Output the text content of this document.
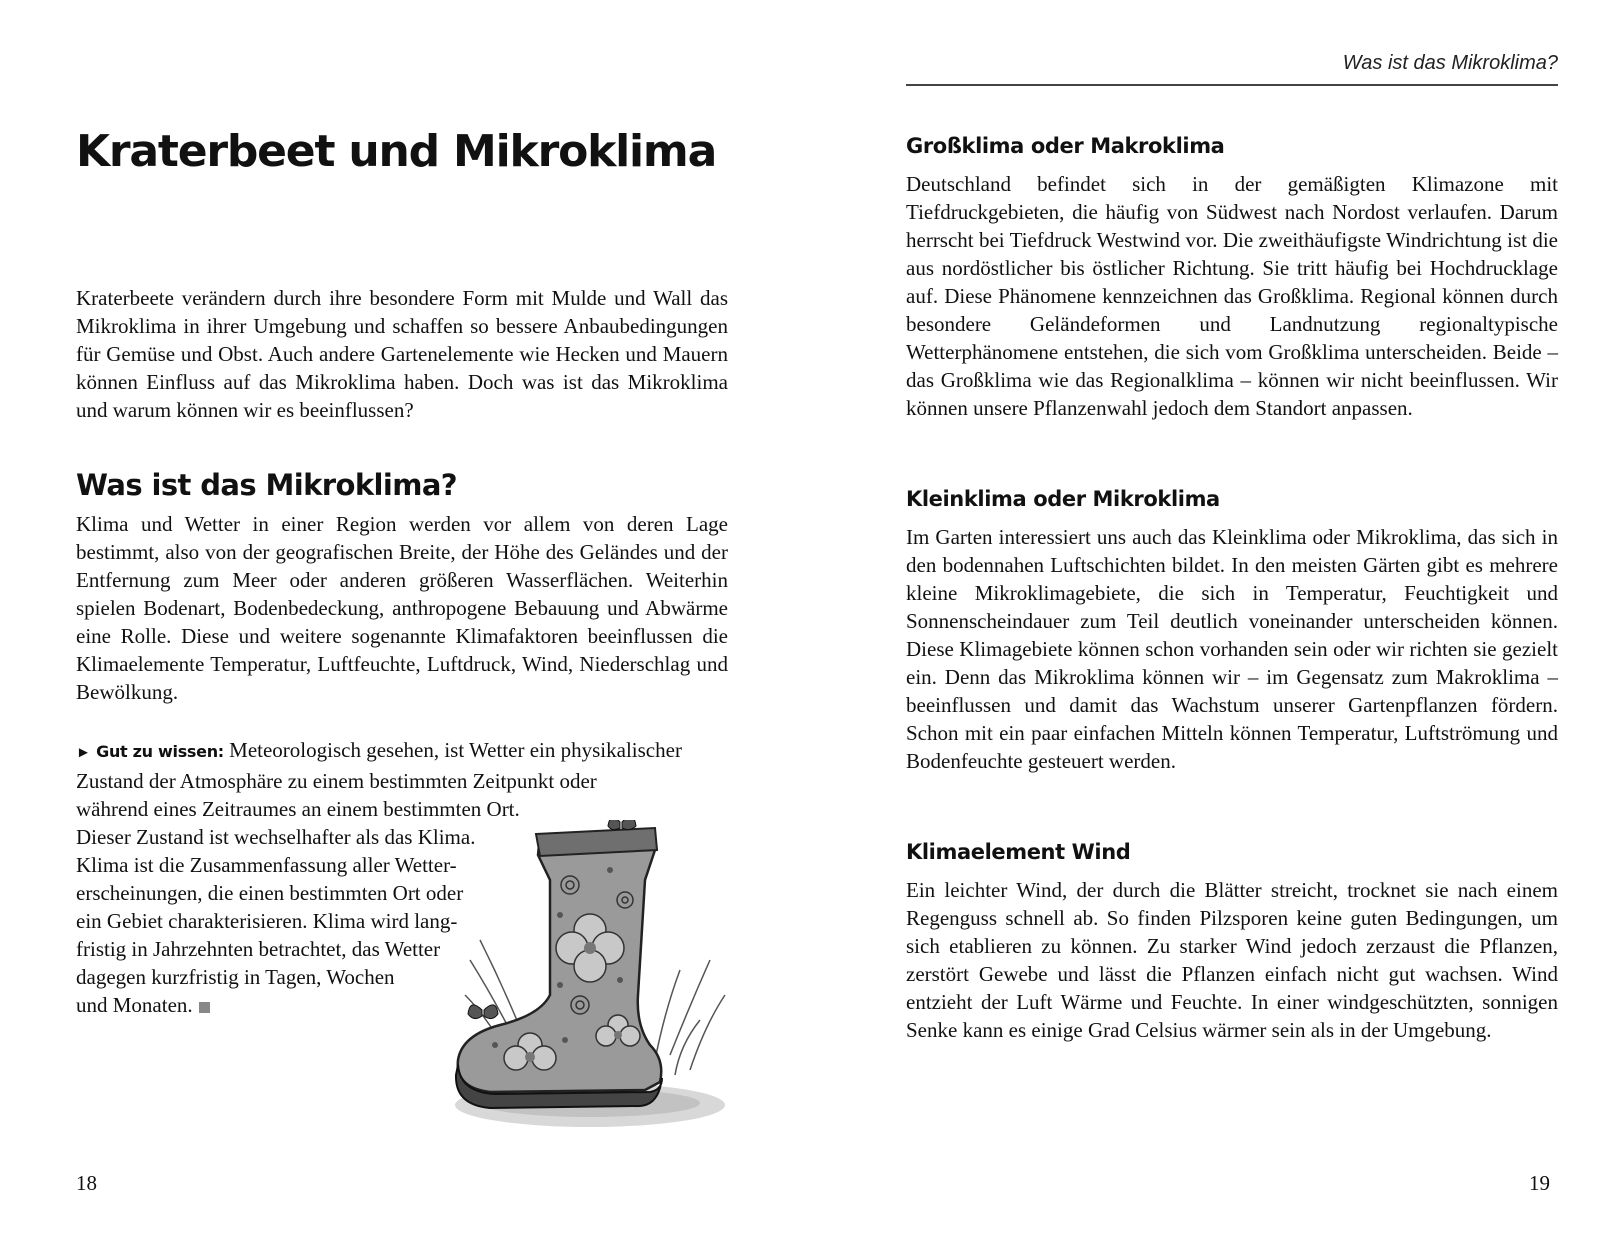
Kraterbeet und Mikroklima

Kraterbeete verändern durch ihre besondere Form mit Mulde und Wall das Mikroklima in ihrer Umgebung und schaffen so bessere Anbaubedingungen für Gemüse und Obst. Auch andere Gartenelemente wie Hecken und Mauern können Einfluss auf das Mikroklima haben. Doch was ist das Mikroklima und warum können wir es beeinflussen?

Was ist das Mikroklima?

Klima und Wetter in einer Region werden vor allem von deren Lage bestimmt, also von der geografischen Breite, der Höhe des Geländes und der Entfernung zum Meer oder anderen größeren Wasserflächen. Weiterhin spielen Bodenart, Bodenbedeckung, anthropogene Bebauung und Abwärme eine Rolle. Diese und weitere sogenannte Klimafaktoren beeinflussen die Klimaelemente Temperatur, Luftfeuchte, Luftdruck, Wind, Niederschlag und Bewölkung.

► Gut zu wissen: Meteorologisch gesehen, ist Wetter ein physikalischer
Zustand der Atmosphäre zu einem bestimmten Zeitpunkt oder
während eines Zeitraumes an einem bestimmten Ort.
Dieser Zustand ist wechselhafter als das Klima.
Klima ist die Zusammenfassung aller Wetter-
erscheinungen, die einen bestimmten Ort oder
ein Gebiet charakterisieren. Klima wird lang-
fristig in Jahrzehnten betrachtet, das Wetter
dagegen kurzfristig in Tagen, Wochen
und Monaten.
18
Was ist das Mikroklima?
Großklima oder Makroklima

Deutschland befindet sich in der gemäßigten Klimazone mit Tiefdruckgebieten, die häufig von Südwest nach Nordost verlaufen. Darum herrscht bei Tiefdruck Westwind vor. Die zweithäufigste Windrichtung ist die aus nordöstlicher bis östlicher Richtung. Sie tritt häufig bei Hochdrucklage auf. Diese Phänomene kennzeichnen das Großklima. Regional können durch besondere Geländeformen und Landnutzung regionaltypische Wetterphänomene entstehen, die sich vom Großklima unterscheiden. Beide – das Großklima wie das Regionalklima – können wir nicht beeinflussen. Wir können unsere Pflanzenwahl jedoch dem Standort anpassen.

Kleinklima oder Mikroklima

Im Garten interessiert uns auch das Kleinklima oder Mikroklima, das sich in den bodennahen Luftschichten bildet. In den meisten Gärten gibt es mehrere kleine Mikroklimagebiete, die sich in Temperatur, Feuchtigkeit und Sonnenscheindauer zum Teil deutlich voneinander unterscheiden können. Diese Klimagebiete können schon vorhanden sein oder wir richten sie gezielt ein. Denn das Mikroklima können wir – im Gegensatz zum Makroklima – beeinflussen und damit das Wachstum unserer Gartenpflanzen fördern. Schon mit ein paar einfachen Mitteln können Temperatur, Luftströmung und Bodenfeuchte gesteuert werden.

Klimaelement Wind

Ein leichter Wind, der durch die Blätter streicht, trocknet sie nach einem Regenguss schnell ab. So finden Pilzsporen keine guten Bedingungen, um sich etablieren zu können. Zu starker Wind jedoch zerzaust die Pflanzen, zerstört Gewebe und lässt die Pflanzen einfach nicht gut wachsen. Wind entzieht der Luft Wärme und Feuchte. In einer windgeschützten, sonnigen Senke kann es einige Grad Celsius wärmer sein als in der Umgebung.

19
